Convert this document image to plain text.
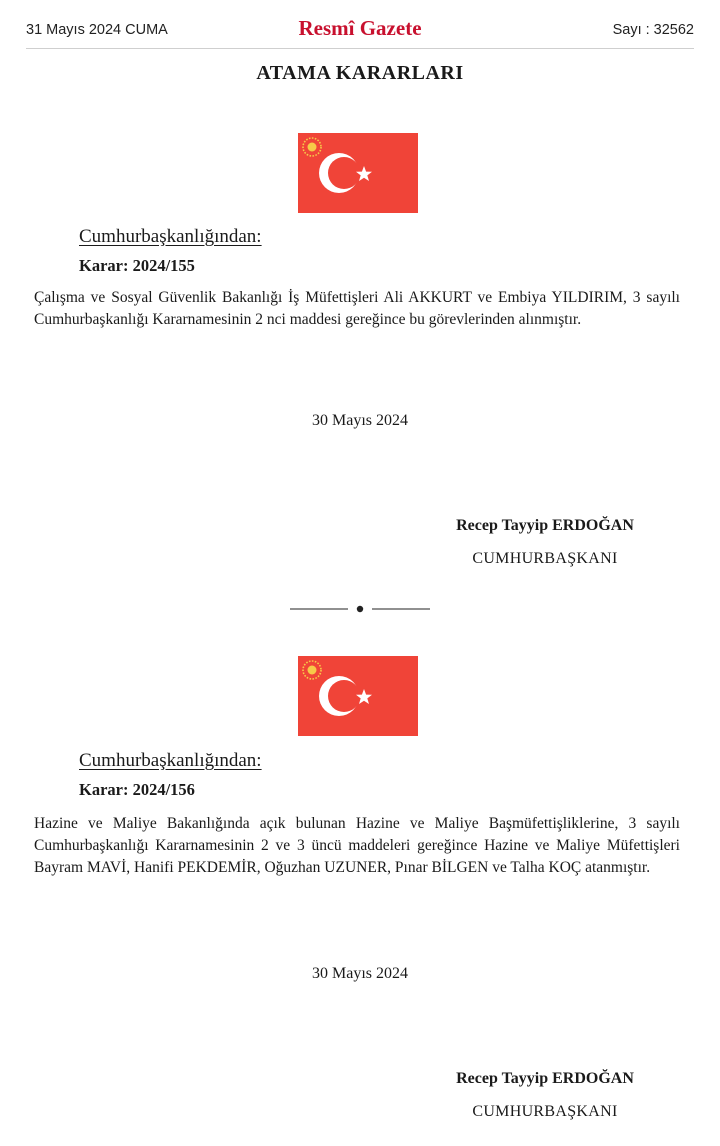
31 Mayıs 2024 CUMA	Resmî Gazete	Sayı : 32562
ATAMA KARARLARI
Cumhurbaşkanlığından:
Karar: 2024/155
Çalışma ve Sosyal Güvenlik Bakanlığı İş Müfettişleri Ali AKKURT ve Embiya YILDIRIM, 3 sayılı Cumhurbaşkanlığı Kararnamesinin 2 nci maddesi gereğince bu görevlerinden alınmıştır.
30 Mayıs 2024
Recep Tayyip ERDOĞAN
CUMHURBAŞKANI
Cumhurbaşkanlığından:
Karar: 2024/156
Hazine ve Maliye Bakanlığında açık bulunan Hazine ve Maliye Başmüfettişliklerine, 3 sayılı Cumhurbaşkanlığı Kararnamesinin 2 ve 3 üncü maddeleri gereğince Hazine ve Maliye Müfettişleri Bayram MAVİ, Hanifi PEKDEMİR, Oğuzhan UZUNER, Pınar BİLGEN ve Talha KOÇ atanmıştır.
30 Mayıs 2024
Recep Tayyip ERDOĞAN
CUMHURBAŞKANI
